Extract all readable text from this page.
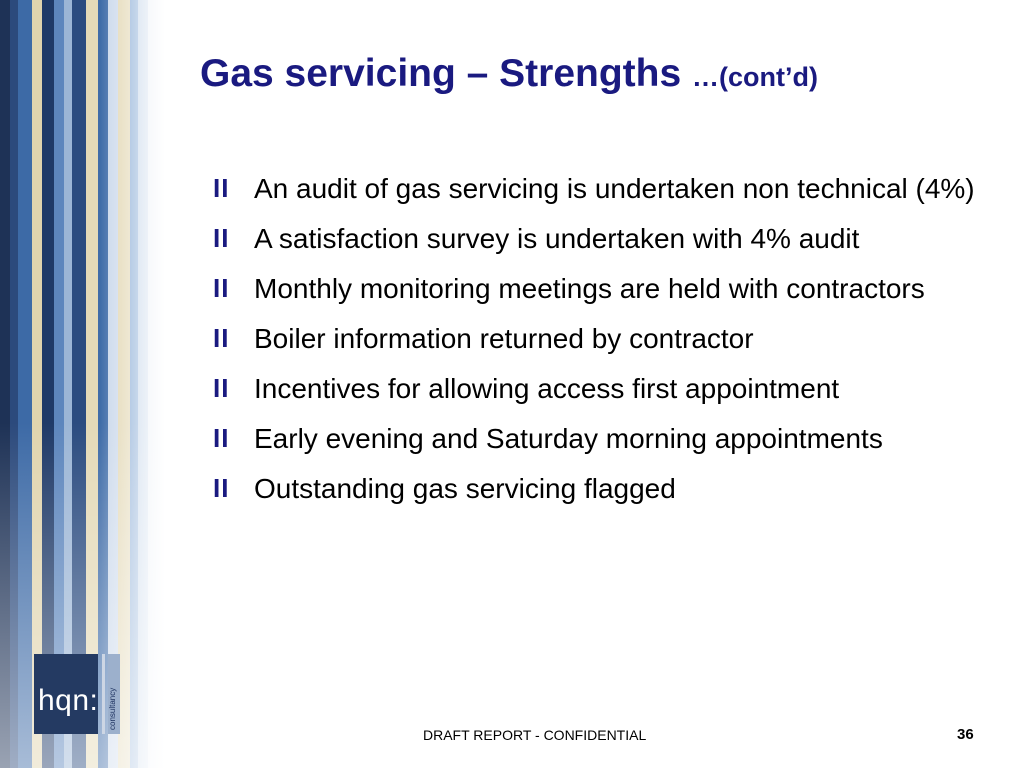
Gas servicing – Strengths …(cont’d)
II An audit of gas servicing is undertaken non technical (4%)
II A satisfaction survey is undertaken with 4% audit
II Monthly monitoring meetings are held with contractors
II Boiler information returned by contractor
II Incentives for allowing access first appointment
II Early evening and Saturday morning appointments
II Outstanding gas servicing flagged
hqn: consultancy
DRAFT REPORT - CONFIDENTIAL	36
